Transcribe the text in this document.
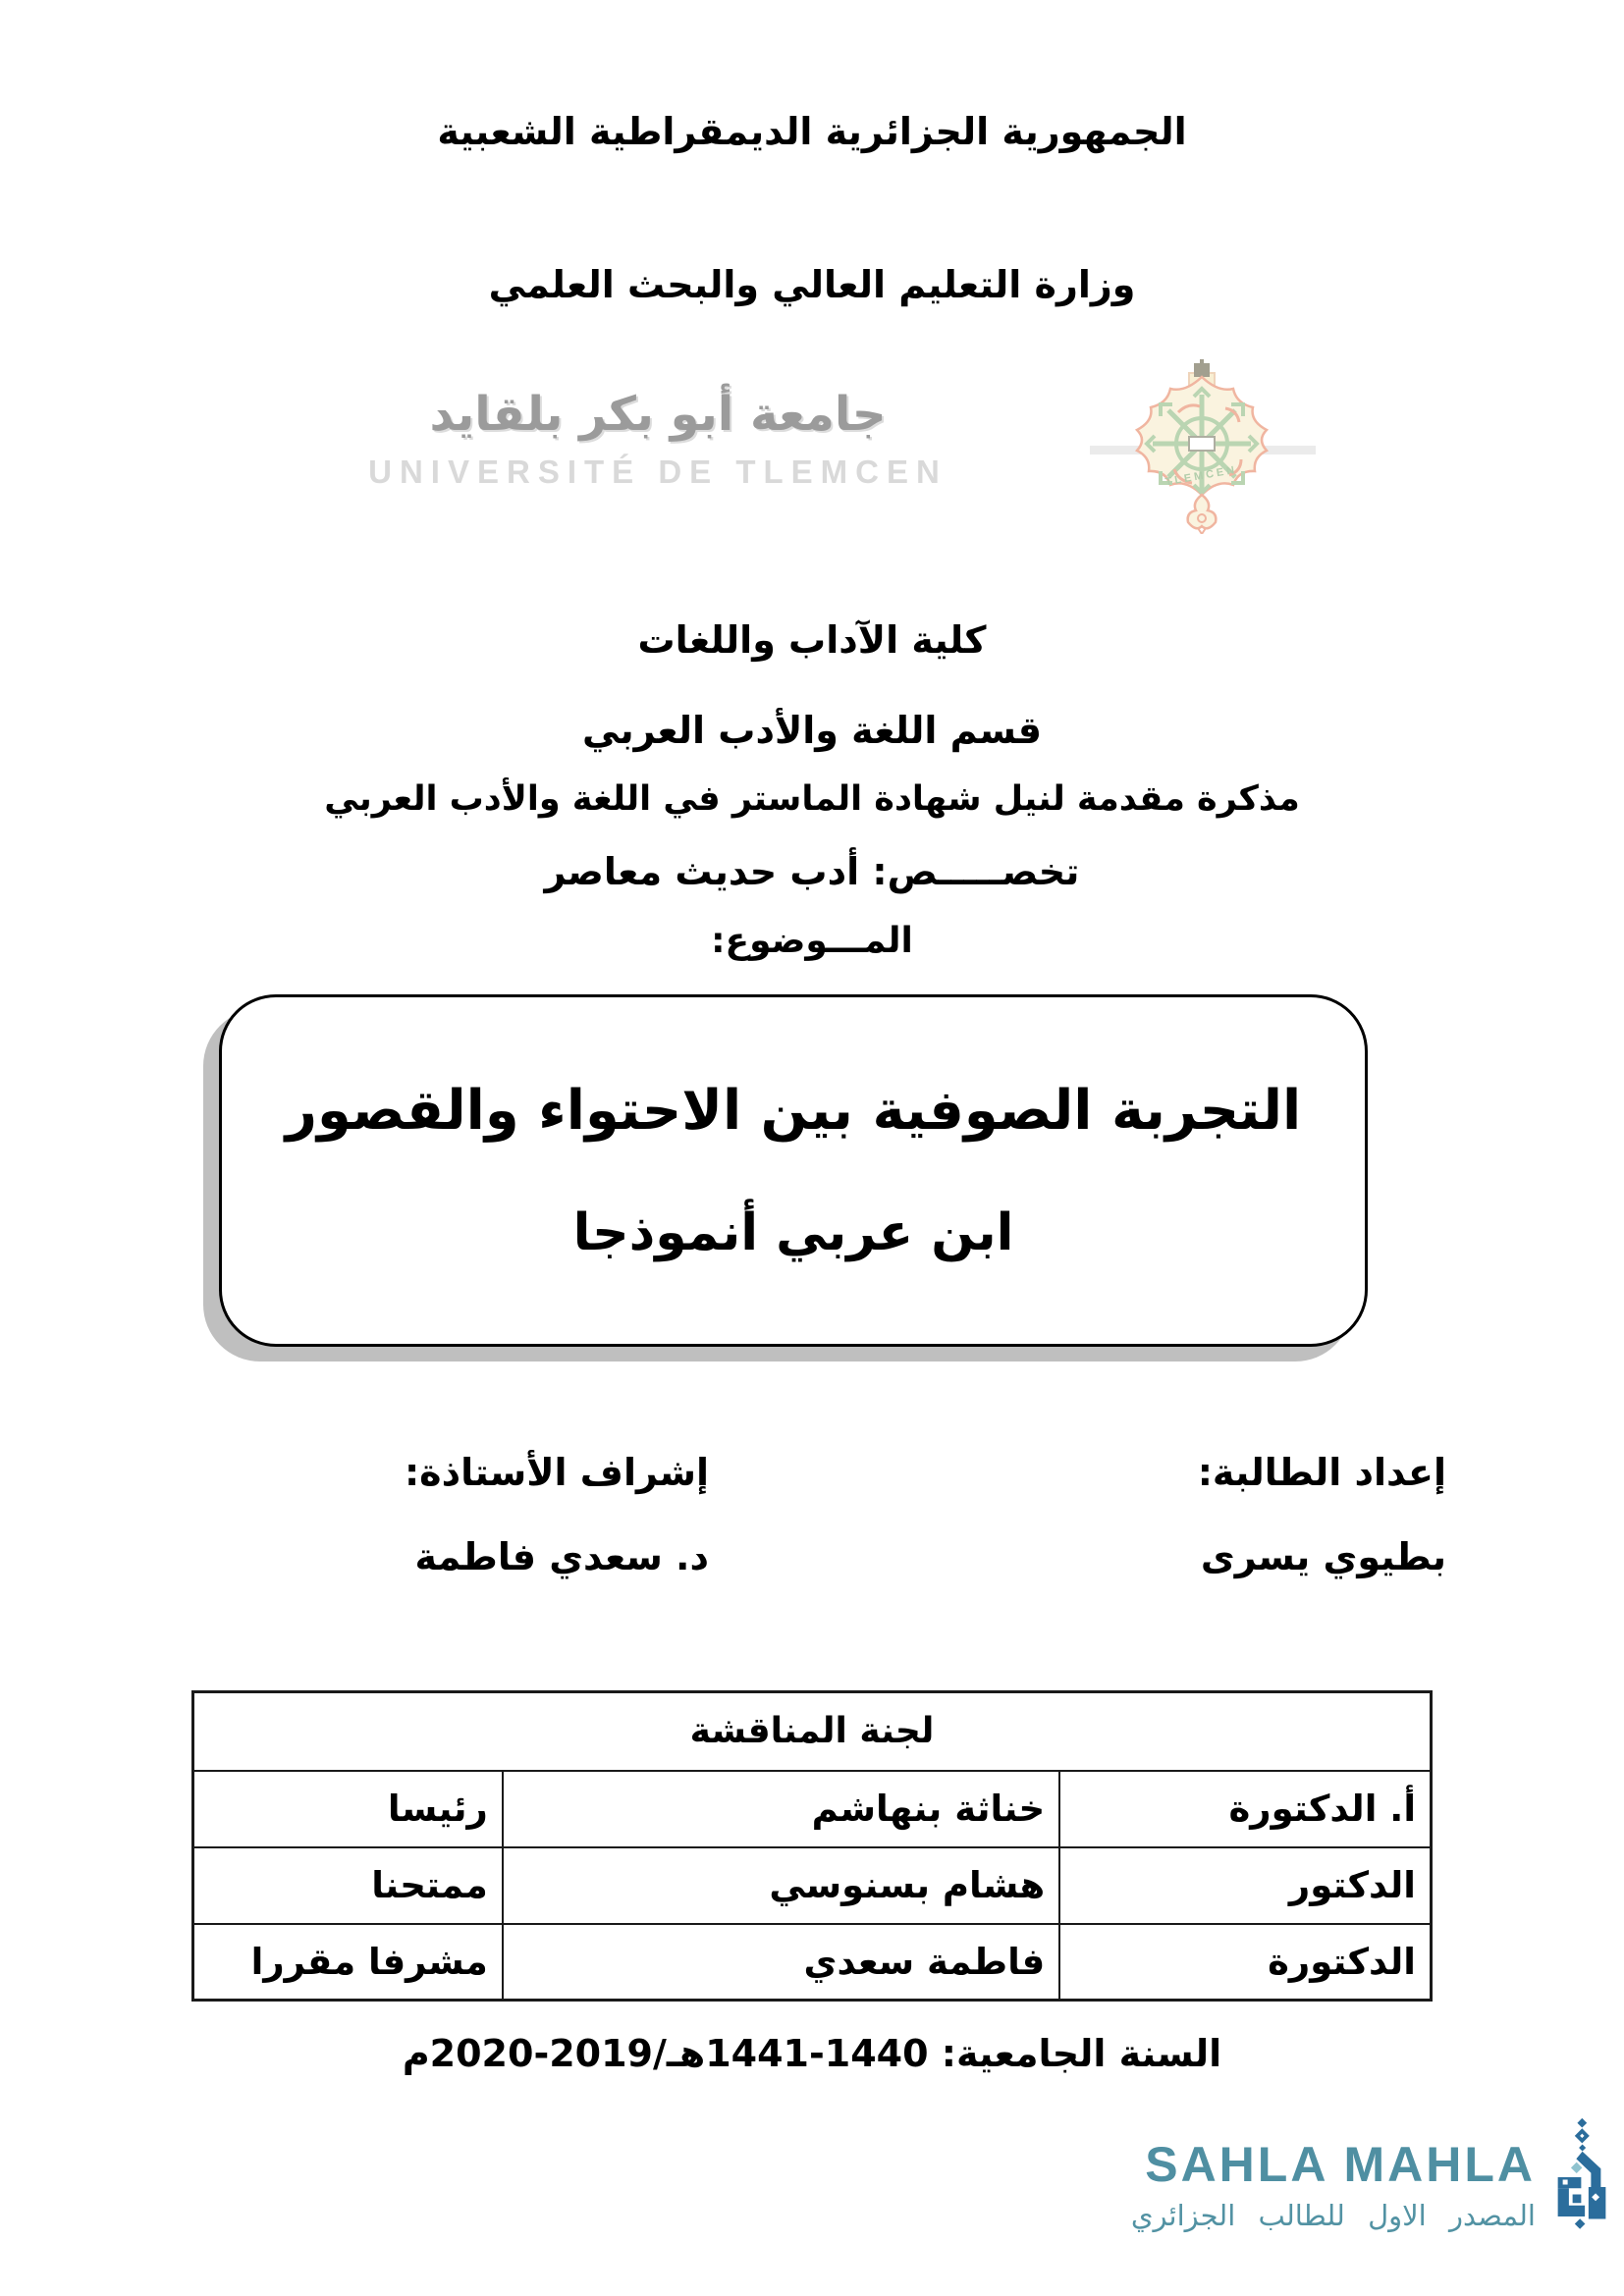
الجمهورية الجزائرية الديمقراطية الشعبية
وزارة التعليم العالي والبحث العلمي
جامعة أبو بكر بلقايد
UNIVERSITÉ DE TLEMCEN	TLEMCEN
كلية الآداب واللغات
قسم اللغة والأدب العربي
مذكرة مقدمة لنيل شهادة الماستر في اللغة والأدب العربي
تخصـــــص: أدب حديث معاصر
المـــوضوع:
التجربة الصوفية بين الاحتواء والقصور
ابن عربي أنموذجا
إعداد الطالبة:
بطيوي يسرى
إشراف الأستاذة:
د. سعدي فاطمة
لجنة المناقشة		
أ. الدكتورة	خناثة بنهاشم	رئيسا
الدكتور	هشام بسنوسي	ممتحنا
الدكتورة	فاطمة سعدي	مشرفا مقررا
السنة الجامعية: 1440-1441هـ/2019-2020م
SAHLA MAHLA
المصدر الاول للطالب الجزائري
